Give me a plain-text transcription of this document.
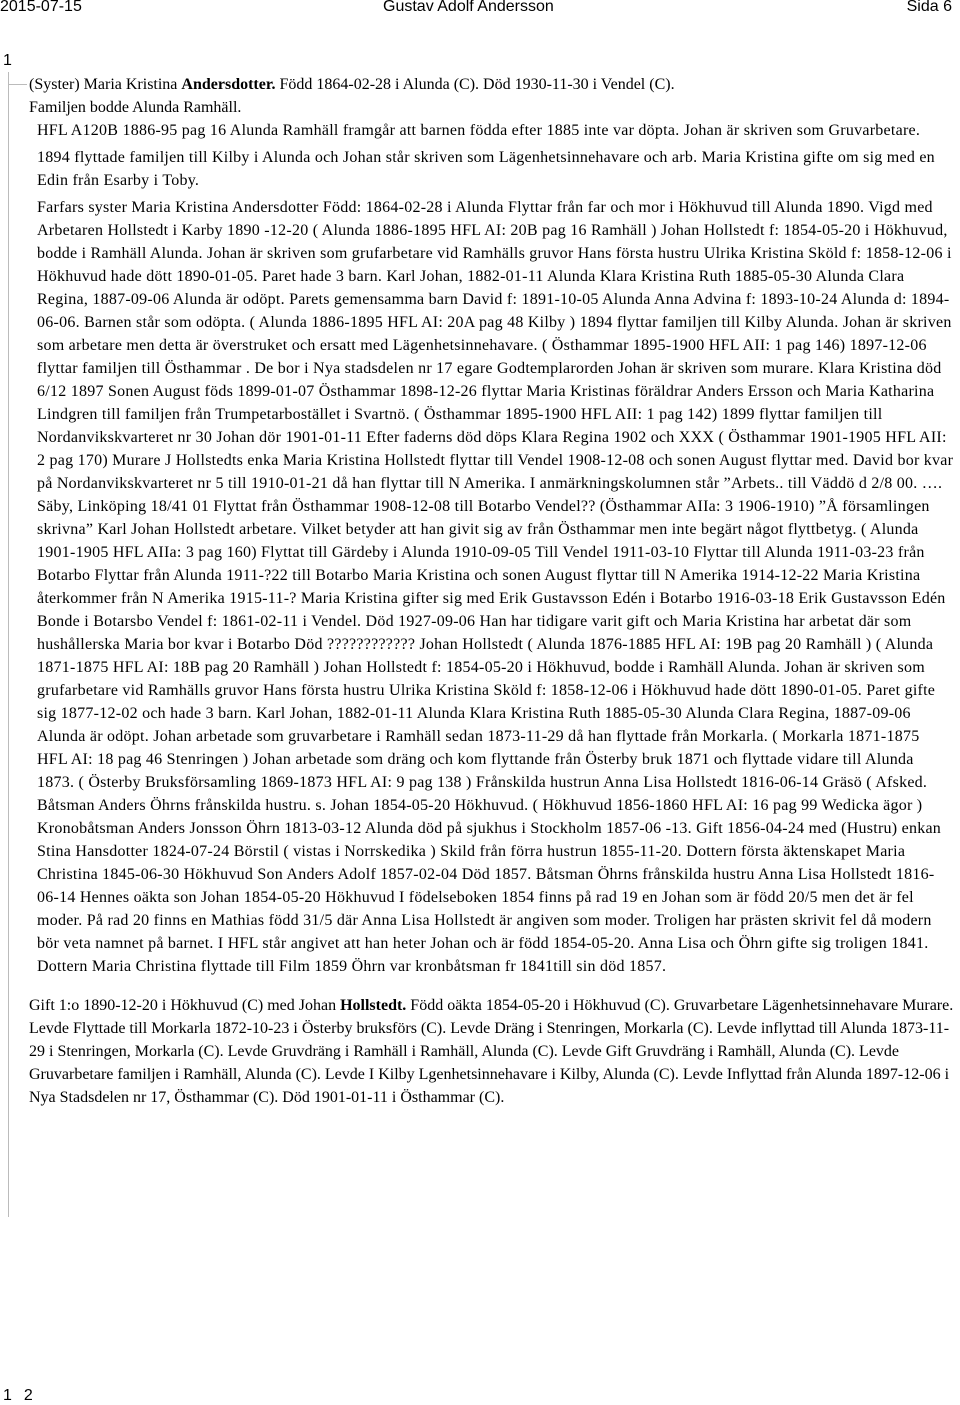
2015-07-15	Gustav Adolf Andersson	Sida 6
1

(Syster) Maria Kristina Andersdotter. Född 1864-02-28 i Alunda (C). Död 1930-11-30 i Vendel (C).

Familjen bodde Alunda Ramhäll.

HFL A120B 1886-95 pag 16 Alunda Ramhäll framgår att barnen födda efter 1885 inte var döpta. Johan är skriven som Gruvarbetare.

1894 flyttade familjen till Kilby i Alunda och Johan står skriven som Lägenhetsinnehavare och arb. Maria Kristina gifte om sig med en Edin från Esarby i Toby.

Farfars syster Maria Kristina Andersdotter Född: 1864-02-28 i Alunda Flyttar från far och mor i Hökhuvud till Alunda 1890. Vigd med Arbetaren Hollstedt i Karby 1890 -12-20 ( Alunda 1886-1895 HFL AI: 20B pag 16 Ramhäll ) Johan Hollstedt f: 1854-05-20 i Hökhuvud, bodde i Ramhäll Alunda. Johan är skriven som grufarbetare vid Ramhälls gruvor Hans första hustru Ulrika Kristina Sköld f: 1858-12-06 i Hökhuvud hade dött 1890-01-05. Paret hade 3 barn. Karl Johan, 1882-01-11 Alunda Klara Kristina Ruth 1885-05-30 Alunda Clara Regina, 1887-09-06 Alunda är odöpt. Parets gemensamma barn David f: 1891-10-05 Alunda Anna Advina f: 1893-10-24 Alunda d: 1894-06-06. Barnen står som odöpta. ( Alunda 1886-1895 HFL AI: 20A pag 48 Kilby ) 1894 flyttar familjen till Kilby Alunda. Johan är skriven som arbetare men detta är överstruket och ersatt med Lägenhetsinnehavare. ( Östhammar 1895-1900 HFL AII: 1 pag 146) 1897-12-06 flyttar familjen till Östhammar . De bor i Nya stadsdelen nr 17 egare Godtemplarorden Johan är skriven som murare. Klara Kristina död 6/12 1897 Sonen August föds 1899-01-07 Östhammar 1898-12-26 flyttar Maria Kristinas föräldrar Anders Ersson och Maria Katharina Lindgren till familjen från Trumpetarbostället i Svartnö. ( Östhammar 1895-1900 HFL AII: 1 pag 142) 1899 flyttar familjen till Nordanvikskvarteret nr 30 Johan dör 1901-01-11 Efter faderns död döps Klara Regina 1902 och XXX ( Östhammar 1901-1905 HFL AII: 2 pag 170) Murare J Hollstedts enka Maria Kristina Hollstedt flyttar till Vendel 1908-12-08 och sonen August flyttar med. David bor kvar på Nordanvikskvarteret nr 5 till 1910-01-21 då han flyttar till N Amerika. I anmärkningskolumnen står ”Arbets.. till Väddö d 2/8 00. …. Säby, Linköping 18/41 01 Flyttat från Östhammar 1908-12-08 till Botarbo Vendel?? (Östhammar AIIa: 3 1906-1910) ”Å församlingen skrivna” Karl Johan Hollstedt arbetare. Vilket betyder att han givit sig av från Östhammar men inte begärt något flyttbetyg. ( Alunda 1901-1905 HFL AIIa: 3 pag 160) Flyttat till Gärdeby i Alunda 1910-09-05 Till Vendel 1911-03-10 Flyttar till Alunda 1911-03-23 från Botarbo Flyttar från Alunda 1911-?22 till Botarbo Maria Kristina och sonen August flyttar till N Amerika 1914-12-22 Maria Kristina återkommer från N Amerika 1915-11-? Maria Kristina gifter sig med Erik Gustavsson Edén i Botarbo 1916-03-18 Erik Gustavsson Edén Bonde i Botarsbo Vendel f: 1861-02-11 i Vendel. Död 1927-09-06 Han har tidigare varit gift och Maria Kristina har arbetat där som hushållerska Maria bor kvar i Botarbo Död ???????????? Johan Hollstedt ( Alunda 1876-1885 HFL AI: 19B pag 20 Ramhäll ) ( Alunda 1871-1875 HFL AI: 18B pag 20 Ramhäll ) Johan Hollstedt f: 1854-05-20 i Hökhuvud, bodde i Ramhäll Alunda. Johan är skriven som grufarbetare vid Ramhälls gruvor Hans första hustru Ulrika Kristina Sköld f: 1858-12-06 i Hökhuvud hade dött 1890-01-05. Paret gifte sig 1877-12-02 och hade 3 barn. Karl Johan, 1882-01-11 Alunda Klara Kristina Ruth 1885-05-30 Alunda Clara Regina, 1887-09-06 Alunda är odöpt. Johan arbetade som gruvarbetare i Ramhäll sedan 1873-11-29 då han flyttade från Morkarla. ( Morkarla 1871-1875 HFL AI: 18 pag 46 Stenringen ) Johan arbetade som dräng och kom flyttande från Österby bruk 1871 och flyttade vidare till Alunda 1873. ( Österby Bruksförsamling 1869-1873 HFL AI: 9 pag 138 ) Frånskilda hustrun Anna Lisa Hollstedt 1816-06-14 Gräsö ( Afsked. Båtsman Anders Öhrns frånskilda hustru. s. Johan 1854-05-20 Hökhuvud. ( Hökhuvud 1856-1860 HFL AI: 16 pag 99 Wedicka ägor ) Kronobåtsman Anders Jonsson Öhrn 1813-03-12 Alunda död på sjukhus i Stockholm 1857-06 -13. Gift 1856-04-24 med (Hustru) enkan Stina Hansdotter 1824-07-24 Börstil ( vistas i Norrskedika ) Skild från förra hustrun 1855-11-20. Dottern första äktenskapet Maria Christina 1845-06-30 Hökhuvud Son Anders Adolf 1857-02-04 Död 1857. Båtsman Öhrns frånskilda hustru Anna Lisa Hollstedt 1816-06-14 Hennes oäkta son Johan 1854-05-20 Hökhuvud I födelseboken 1854 finns på rad 19 en Johan som är född 20/5 men det är fel moder. På rad 20 finns en Mathias född 31/5 där Anna Lisa Hollstedt är angiven som moder. Troligen har prästen skrivit fel då modern bör veta namnet på barnet. I HFL står angivet att han heter Johan och är född 1854-05-20. Anna Lisa och Öhrn gifte sig troligen 1841. Dottern Maria Christina flyttade till Film 1859 Öhrn var kronbåtsman fr 1841till sin död 1857.

Gift 1:o 1890-12-20 i Hökhuvud (C) med Johan Hollstedt. Född oäkta 1854-05-20 i Hökhuvud (C). Gruvarbetare Lägenhetsinnehavare Murare. Levde Flyttade till Morkarla 1872-10-23 i Österby bruksförs (C). Levde Dräng i Stenringen, Morkarla (C). Levde inflyttad till Alunda 1873-11-29 i Stenringen, Morkarla (C). Levde Gruvdräng i Ramhäll i Ramhäll, Alunda (C). Levde Gift Gruvdräng i Ramhäll, Alunda (C). Levde Gruvarbetare familjen i Ramhäll, Alunda (C). Levde I Kilby Lgenhetsinnehavare i Kilby, Alunda (C). Levde Inflyttad från Alunda 1897-12-06 i Nya Stadsdelen nr 17, Östhammar (C). Död 1901-01-11 i Östhammar (C).

1 2
